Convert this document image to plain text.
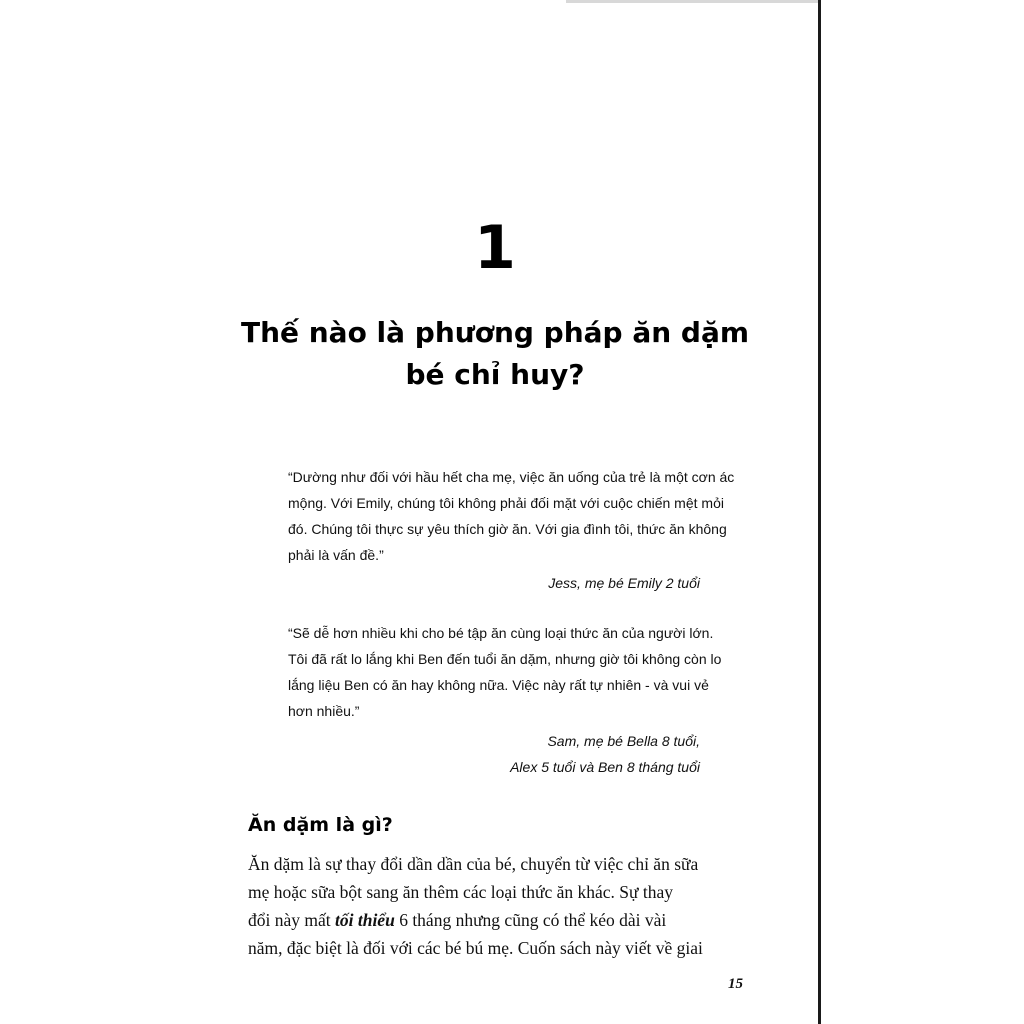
1
Thế nào là phương pháp ăn dặm
bé chỉ huy?

“Dường như đối với hầu hết cha mẹ, việc ăn uống của trẻ là một cơn ác
mộng. Với Emily, chúng tôi không phải đối mặt với cuộc chiến mệt mỏi
đó. Chúng tôi thực sự yêu thích giờ ăn. Với gia đình tôi, thức ăn không
phải là vấn đề.”

Jess, mẹ bé Emily 2 tuổi

“Sẽ dễ hơn nhiều khi cho bé tập ăn cùng loại thức ăn của người lớn.
Tôi đã rất lo lắng khi Ben đến tuổi ăn dặm, nhưng giờ tôi không còn lo
lắng liệu Ben có ăn hay không nữa. Việc này rất tự nhiên - và vui vẻ
hơn nhiều.”

Sam, mẹ bé Bella 8 tuổi,
Alex 5 tuổi và Ben 8 tháng tuổi

Ăn dặm là gì?

Ăn dặm là sự thay đổi dần dần của bé, chuyển từ việc chỉ ăn sữa
mẹ hoặc sữa bột sang ăn thêm các loại thức ăn khác. Sự thay
đổi này mất tối thiểu 6 tháng nhưng cũng có thể kéo dài vài
năm, đặc biệt là đối với các bé bú mẹ. Cuốn sách này viết về giai

15
